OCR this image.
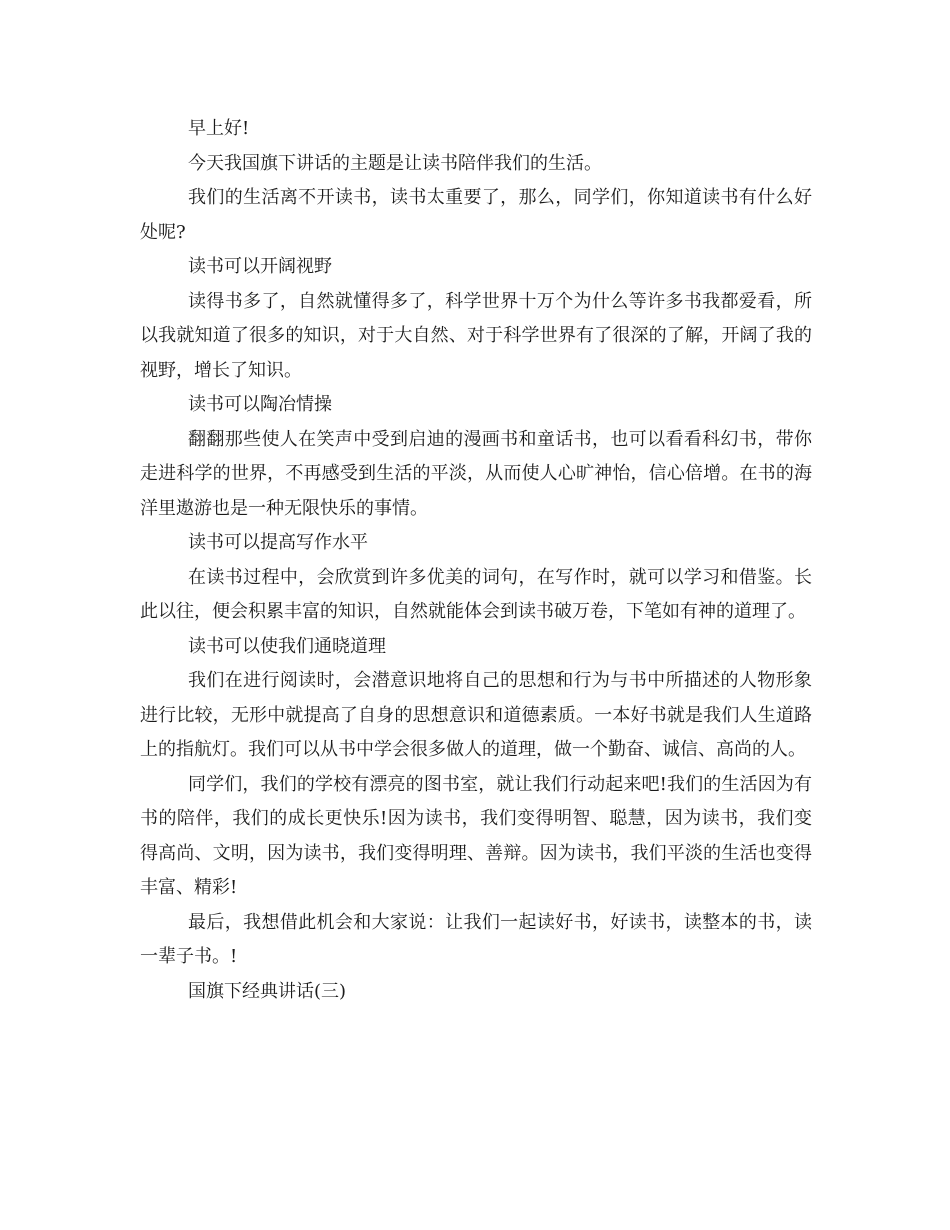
早上好!

今天我国旗下讲话的主题是让读书陪伴我们的生活。

我们的生活离不开读书，读书太重要了，那么，同学们，你知道读书有什么好处呢?

读书可以开阔视野

读得书多了，自然就懂得多了，科学世界十万个为什么等许多书我都爱看，所以我就知道了很多的知识，对于大自然、对于科学世界有了很深的了解，开阔了我的视野，增长了知识。

读书可以陶冶情操

翻翻那些使人在笑声中受到启迪的漫画书和童话书，也可以看看科幻书，带你走进科学的世界，不再感受到生活的平淡，从而使人心旷神怡，信心倍增。在书的海洋里遨游也是一种无限快乐的事情。

读书可以提高写作水平

在读书过程中，会欣赏到许多优美的词句，在写作时，就可以学习和借鉴。长此以往，便会积累丰富的知识，自然就能体会到读书破万卷，下笔如有神的道理了。

读书可以使我们通晓道理

我们在进行阅读时，会潜意识地将自己的思想和行为与书中所描述的人物形象进行比较，无形中就提高了自身的思想意识和道德素质。一本好书就是我们人生道路上的指航灯。我们可以从书中学会很多做人的道理，做一个勤奋、诚信、高尚的人。

同学们，我们的学校有漂亮的图书室，就让我们行动起来吧!我们的生活因为有书的陪伴，我们的成长更快乐!因为读书，我们变得明智、聪慧，因为读书，我们变得高尚、文明，因为读书，我们变得明理、善辩。因为读书，我们平淡的生活也变得丰富、精彩!

最后，我想借此机会和大家说：让我们一起读好书，好读书，读整本的书，读一辈子书。!

国旗下经典讲话(三)
